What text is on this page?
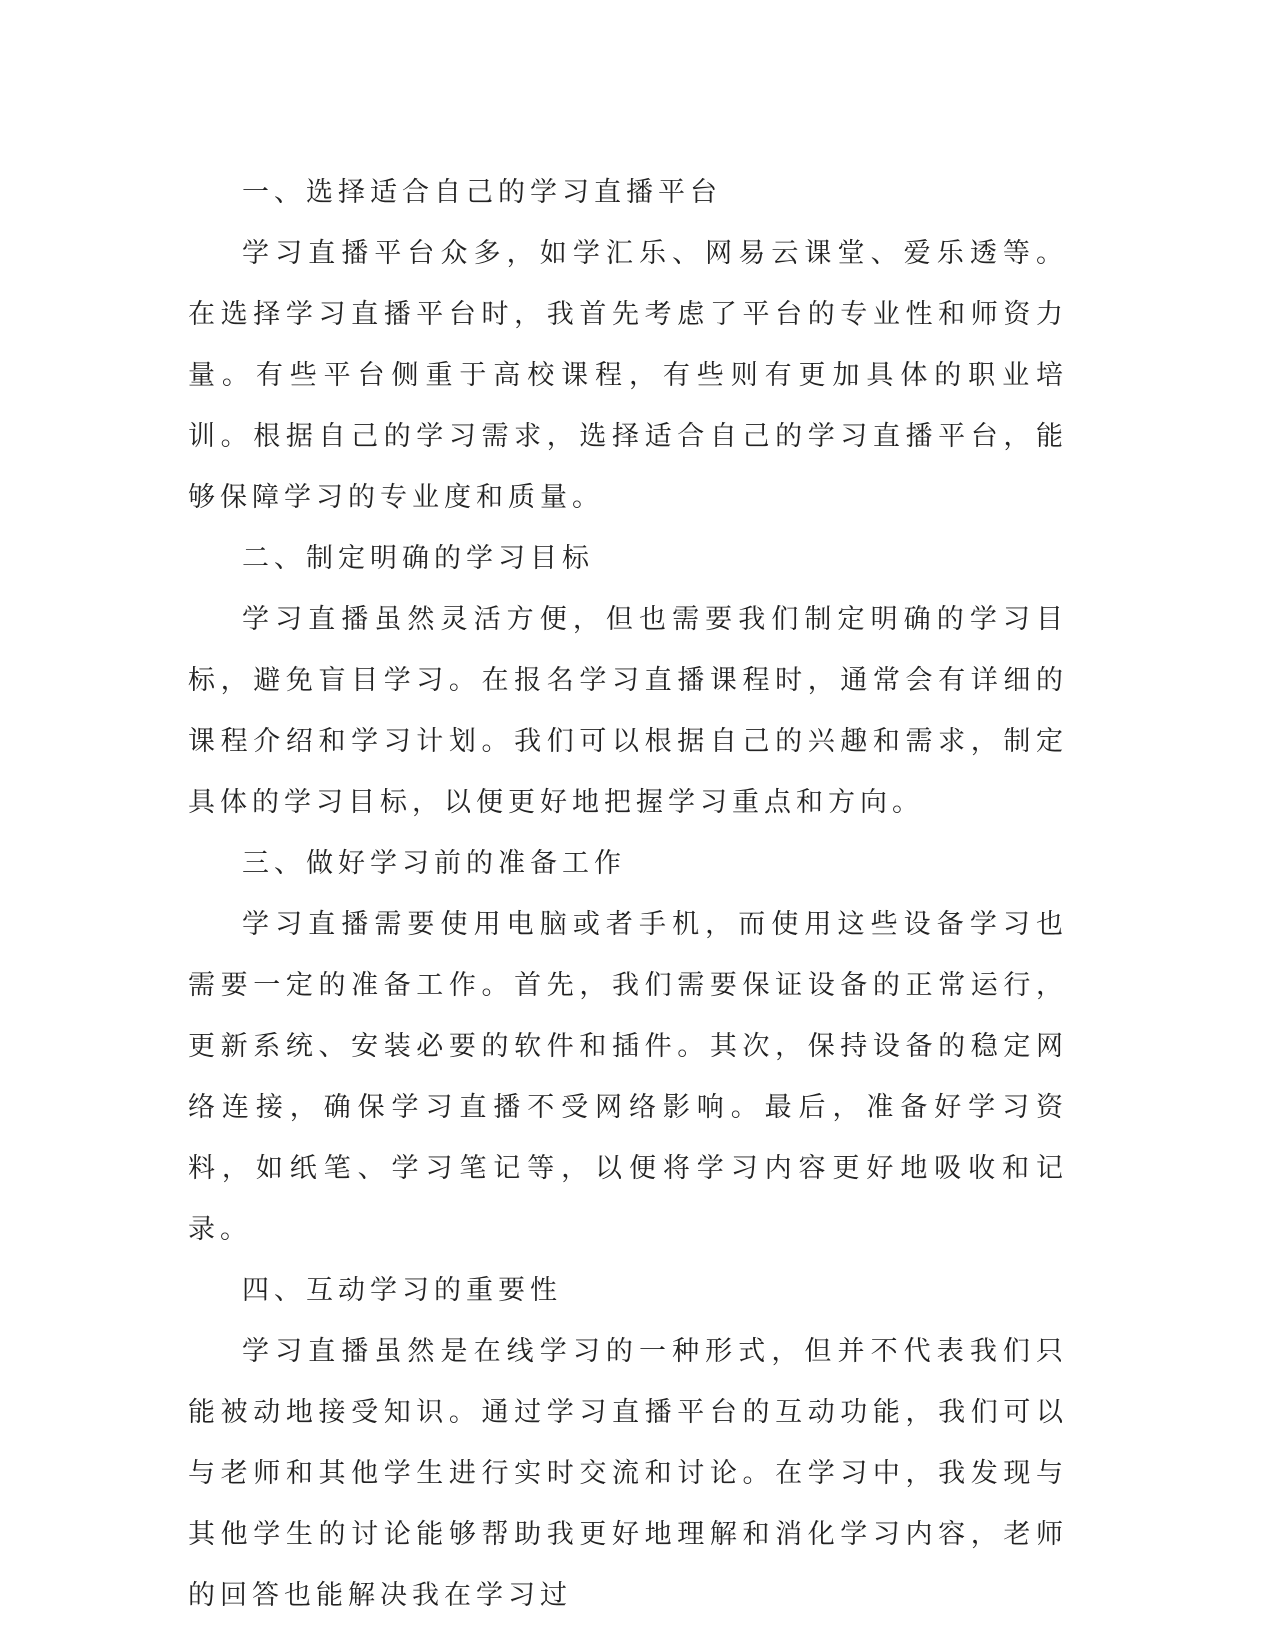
一、选择适合自己的学习直播平台

学习直播平台众多，如学汇乐、网易云课堂、爱乐透等。在选择学习直播平台时，我首先考虑了平台的专业性和师资力量。有些平台侧重于高校课程，有些则有更加具体的职业培训。根据自己的学习需求，选择适合自己的学习直播平台，能够保障学习的专业度和质量。

二、制定明确的学习目标

学习直播虽然灵活方便，但也需要我们制定明确的学习目标，避免盲目学习。在报名学习直播课程时，通常会有详细的课程介绍和学习计划。我们可以根据自己的兴趣和需求，制定具体的学习目标，以便更好地把握学习重点和方向。

三、做好学习前的准备工作

学习直播需要使用电脑或者手机，而使用这些设备学习也需要一定的准备工作。首先，我们需要保证设备的正常运行，更新系统、安装必要的软件和插件。其次，保持设备的稳定网络连接，确保学习直播不受网络影响。最后，准备好学习资料，如纸笔、学习笔记等，以便将学习内容更好地吸收和记录。

四、互动学习的重要性

学习直播虽然是在线学习的一种形式，但并不代表我们只能被动地接受知识。通过学习直播平台的互动功能，我们可以与老师和其他学生进行实时交流和讨论。在学习中，我发现与其他学生的讨论能够帮助我更好地理解和消化学习内容，老师的回答也能解决我在学习过
